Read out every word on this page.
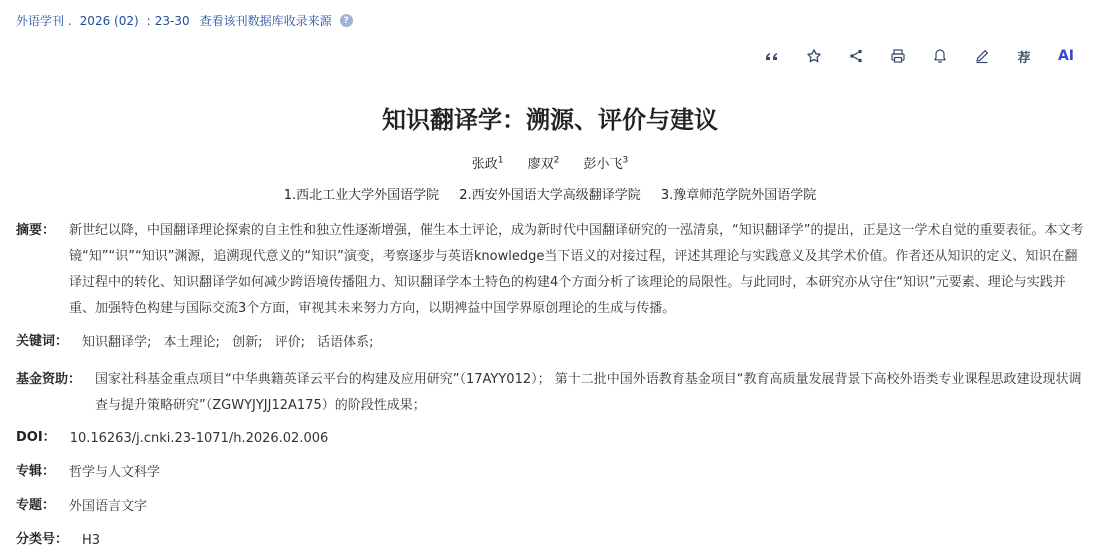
外语学刊 . 2026 (02) : 23-30 查看该刊数据库收录来源	?
荐 AI
知识翻译学：溯源、评价与建议
张政$^1$ 廖双$^2$ 彭小飞$^3$
1.西北工业大学外国语学院 2.西安外国语大学高级翻译学院 3.豫章师范学院外国语学院
摘要： 新世纪以降，中国翻译理论探索的自主性和独立性逐渐增强，催生本土评论，成为新时代中国翻译研究的一泓清泉，“知识翻译学”的提出，正是这一学术自觉的重要表征。本文考镜“知”“识”“知识”渊源，追溯现代意义的“知识”演变，考察逐步与英语knowledge当下语义的对接过程，评述其理论与实践意义及其学术价值。作者还从知识的定义、知识在翻译过程中的转化、知识翻译学如何减少跨语境传播阻力、知识翻译学本土特色的构建4个方面分析了该理论的局限性。与此同时，本研究亦从守住“知识”元要素、理论与实践并重、加强特色构建与国际交流3个方面，审视其未来努力方向，以期裨益中国学界原创理论的生成与传播。
关键词： 知识翻译学; 本土理论; 创新; 评价; 话语体系;
基金资助： 国家社科基金重点项目“中华典籍英译云平台的构建及应用研究”（17AYY012）； 第十二批中国外语教育基金项目“教育高质量发展背景下高校外语类专业课程思政建设现状调查与提升策略研究”（ZGWYJYJJ12A175）的阶段性成果；
DOI： 10.16263/j.cnki.23-1071/h.2026.02.006
专辑： 哲学与人文科学
专题： 外国语言文字
分类号： H3
